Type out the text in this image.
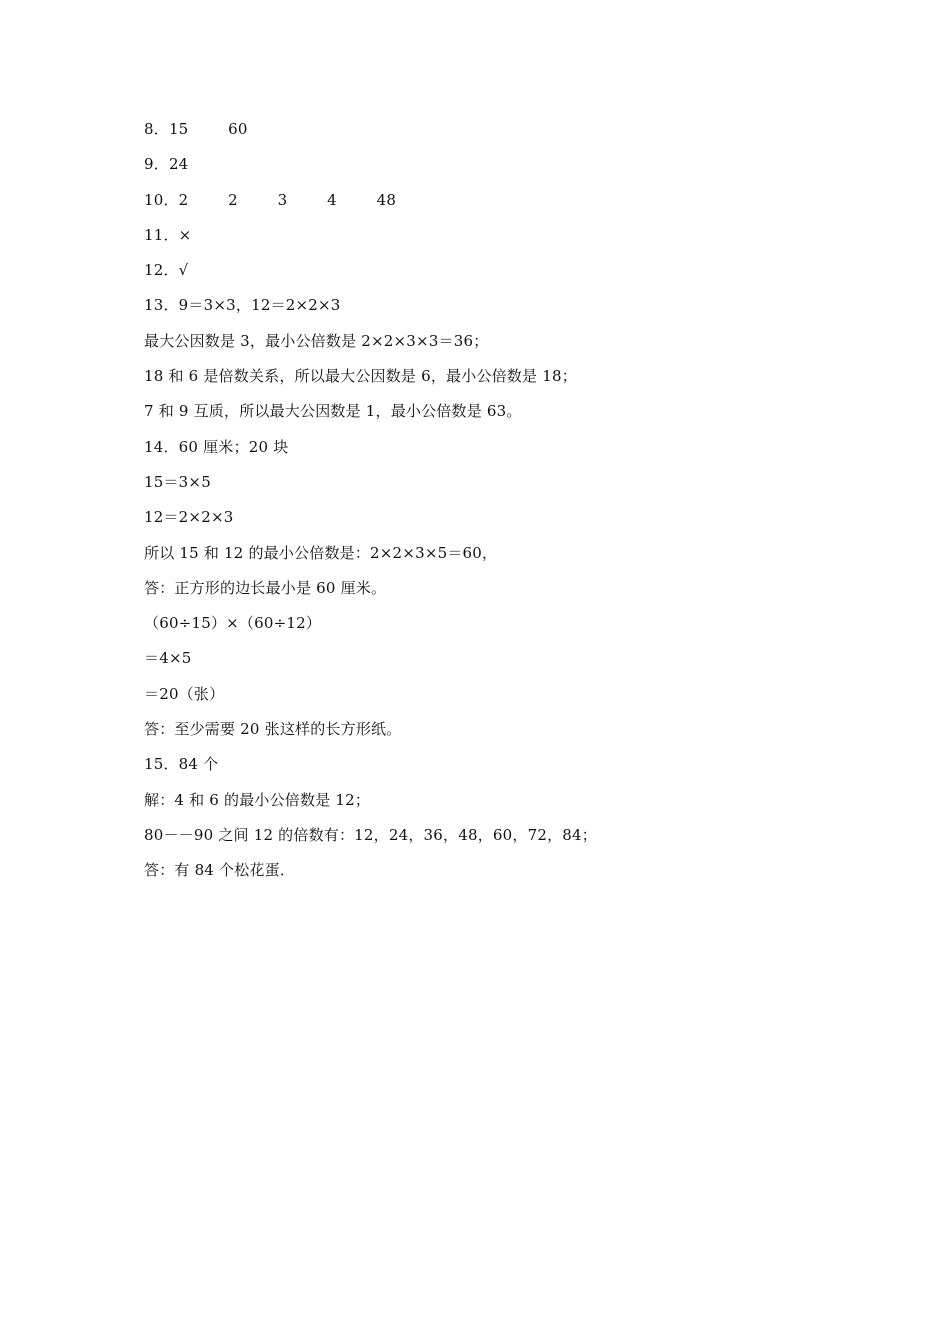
8．15        60
9．24
10．2        2        3        4        48
11．×
12．√
13．9＝3×3，12＝2×2×3
最大公因数是 3，最小公倍数是 2×2×3×3＝36；
18 和 6 是倍数关系，所以最大公因数是 6，最小公倍数是 18；
7 和 9 互质，所以最大公因数是 1，最小公倍数是 63。
14．60 厘米；20 块
15＝3×5
12＝2×2×3
所以 15 和 12 的最小公倍数是：2×2×3×5＝60，
答：正方形的边长最小是 60 厘米。
（60÷15）×（60÷12）
＝4×5
＝20（张）
答：至少需要 20 张这样的长方形纸。
15．84 个
解：4 和 6 的最小公倍数是 12；
80－－90 之间 12 的倍数有：12，24，36，48，60，72，84；
答：有 84 个松花蛋．
